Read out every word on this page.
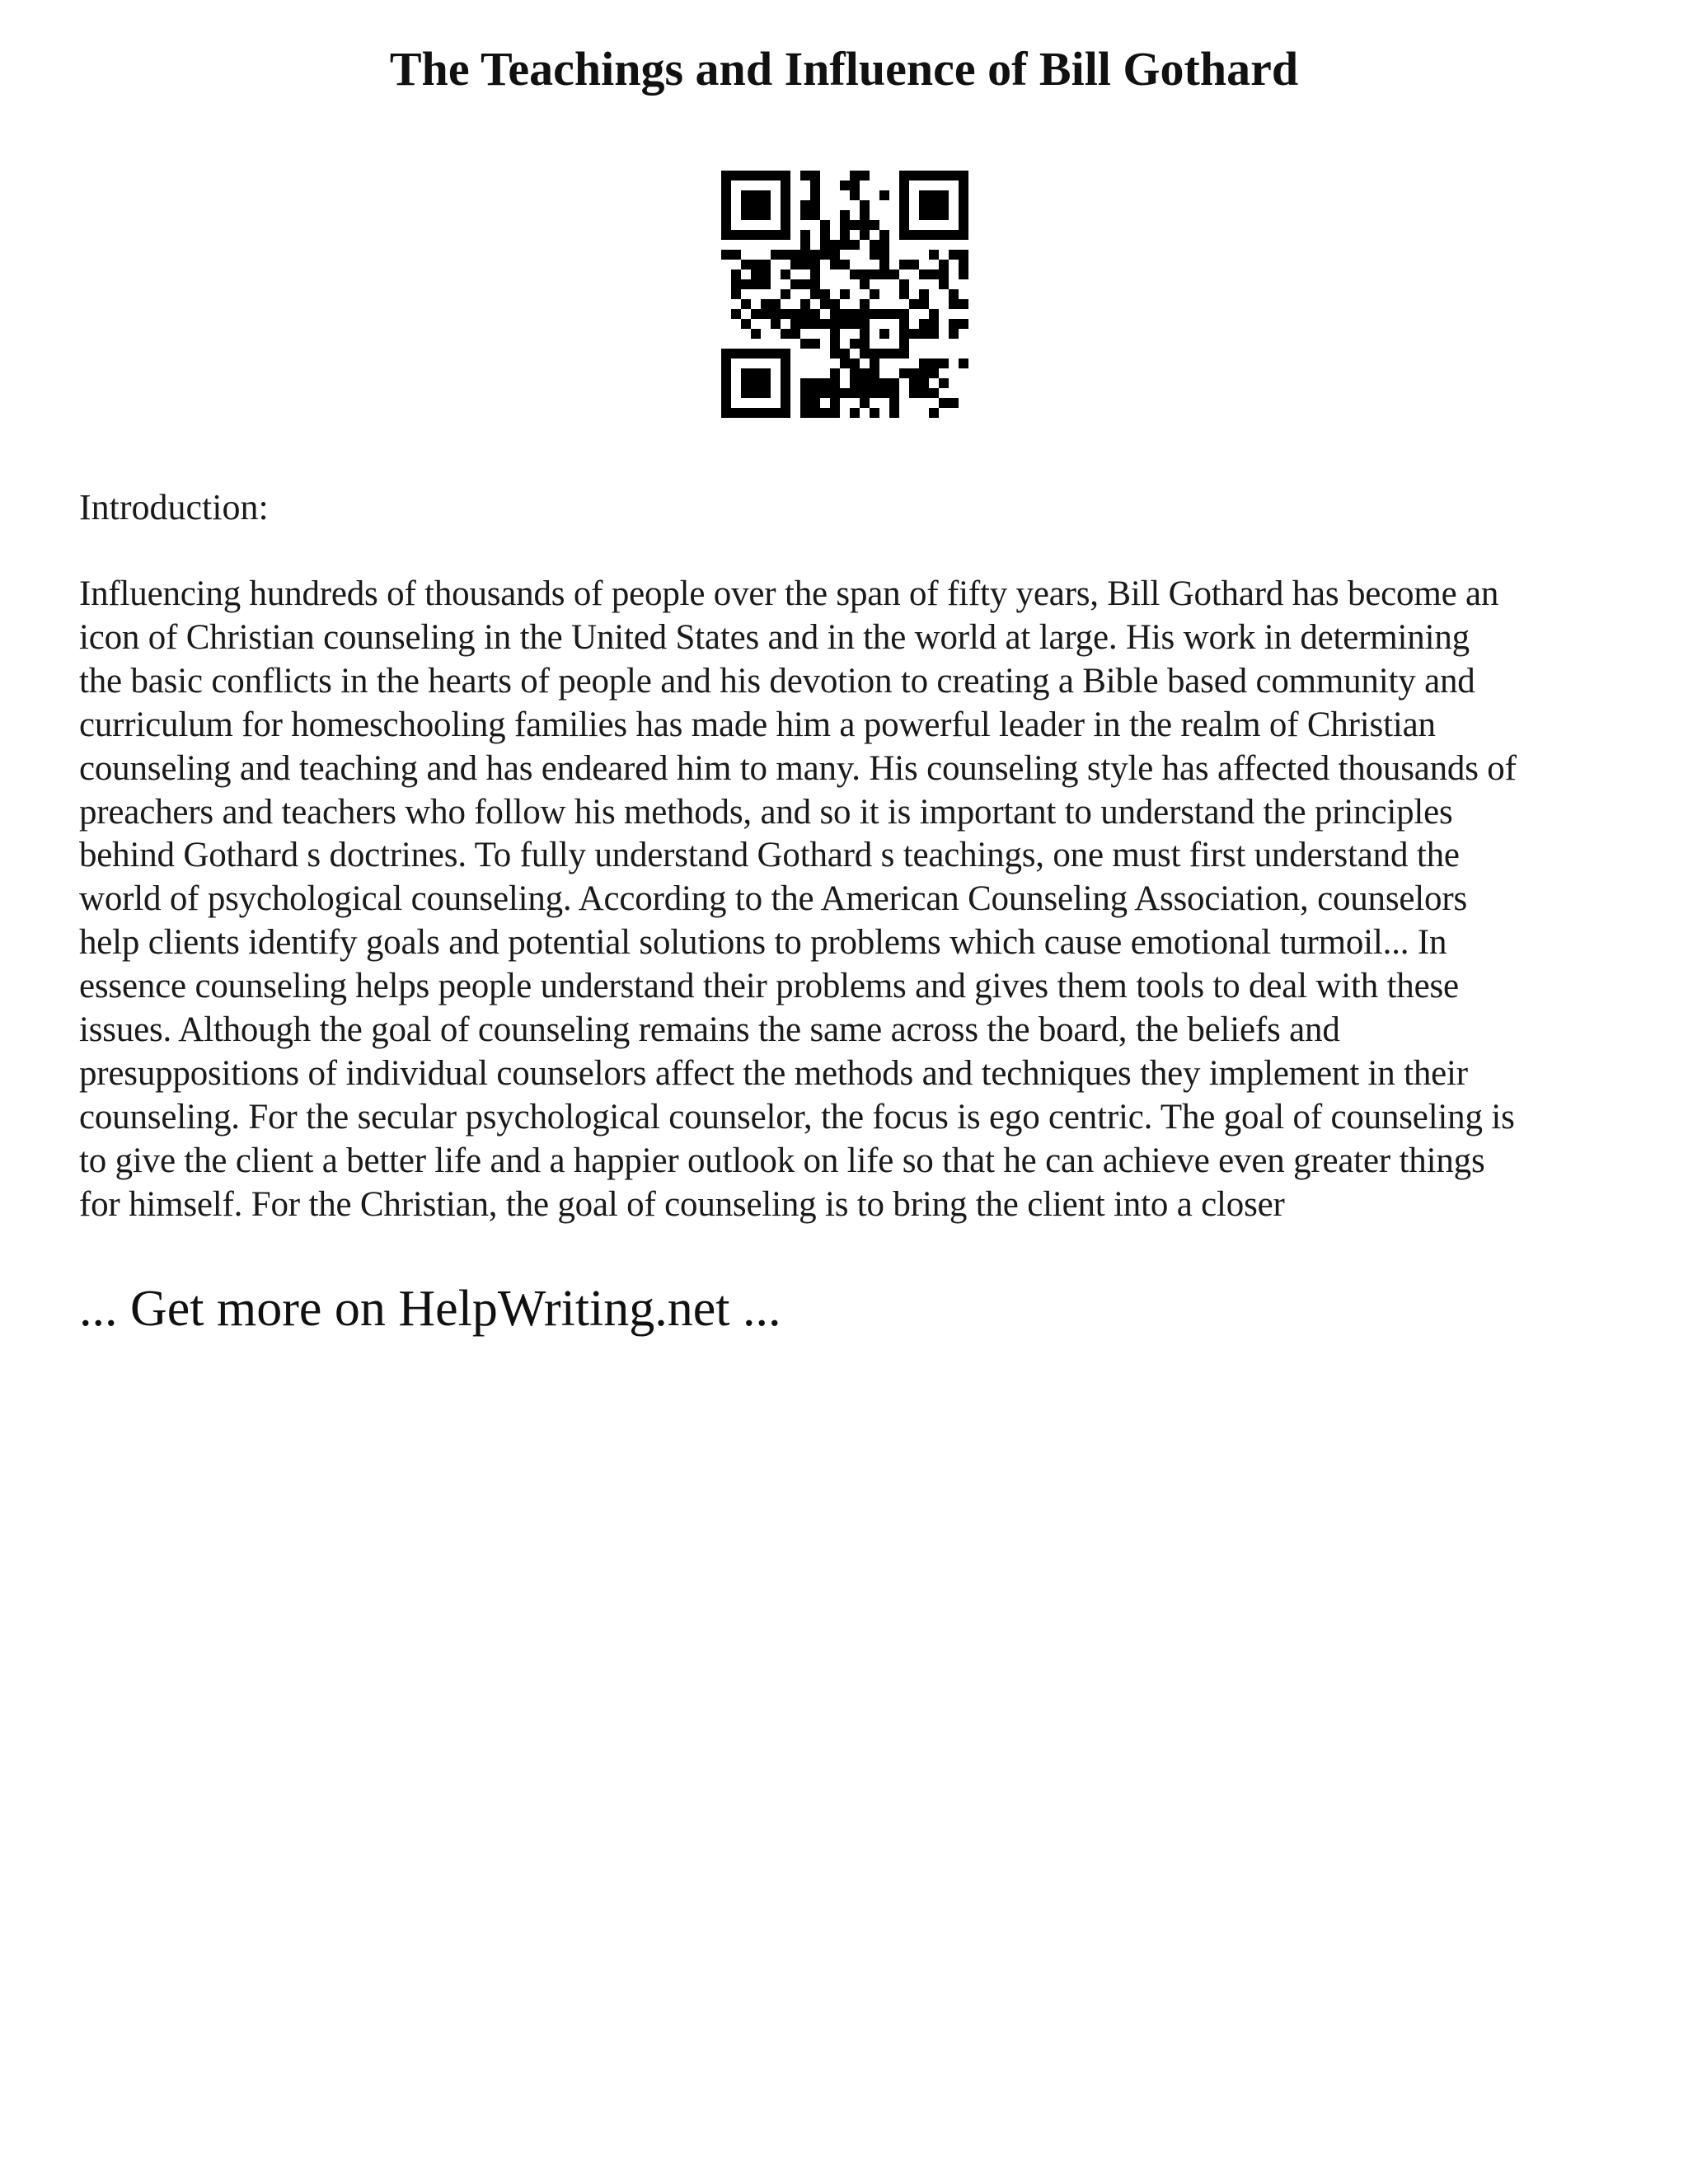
The Teachings and Influence of Bill Gothard

Introduction:

Influencing hundreds of thousands of people over the span of fifty years, Bill Gothard has become an
icon of Christian counseling in the United States and in the world at large. His work in determining
the basic conflicts in the hearts of people and his devotion to creating a Bible based community and
curriculum for homeschooling families has made him a powerful leader in the realm of Christian
counseling and teaching and has endeared him to many. His counseling style has affected thousands of
preachers and teachers who follow his methods, and so it is important to understand the principles
behind Gothard s doctrines. To fully understand Gothard s teachings, one must first understand the
world of psychological counseling. According to the American Counseling Association, counselors
help clients identify goals and potential solutions to problems which cause emotional turmoil... In
essence counseling helps people understand their problems and gives them tools to deal with these
issues. Although the goal of counseling remains the same across the board, the beliefs and
presuppositions of individual counselors affect the methods and techniques they implement in their
counseling. For the secular psychological counselor, the focus is ego centric. The goal of counseling is
to give the client a better life and a happier outlook on life so that he can achieve even greater things
for himself. For the Christian, the goal of counseling is to bring the client into a closer
... Get more on HelpWriting.net ...
